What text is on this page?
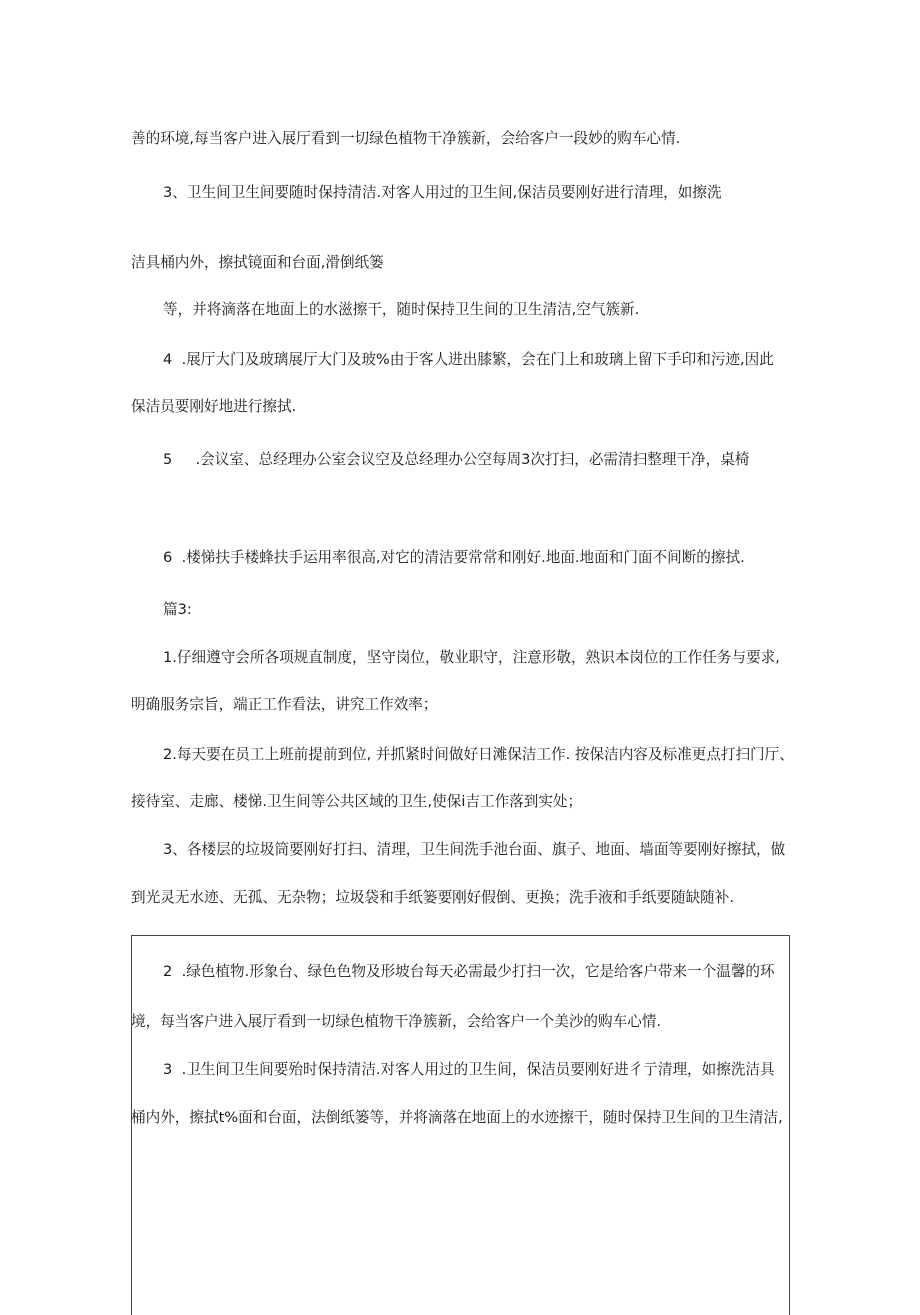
善的环境,每当客户进入展厅看到一切绿色植物干净簇新，会给客户一段妙的购车心情.
3、卫生间卫生间要随时保持清洁.对客人用过的卫生间,保洁员要刚好进行清理，如擦洗
洁具桶内外，擦拭镜面和台面,滑倒纸篓
等，并将滴落在地面上的水滋擦干，随时保持卫生间的卫生清洁,空气簇新.
4  .展厅大门及玻璃展厅大门及玻%由于客人进出膝繁，会在门上和玻璃上留下手印和污迹,因此
保洁员要刚好地进行擦拭.
5     .会议室、总经理办公室会议空及总经理办公空每周3次打扫，必需清扫整理干净，桌椅
6  .楼悌扶手楼蜂扶手运用率很高,对它的清洁要常常和刚好.地面.地面和门面不间断的擦拭.
篇3:
1.仔细遵守会所各项规直制度，坚守岗位，敬业职守，注意形敬，熟识本岗位的工作任务与要求,
明确服务宗旨，端正工作看法，讲究工作效率；
2.每天要在员工上班前提前到位, 并抓紧时间做好日滩保洁工作. 按保洁内容及标准更点打扫门厅、
接待室、走廊、楼悌.卫生间等公共区域的卫生,使保i吉工作落到实处；
3、各楼层的垃圾筒要刚好打扫、清理，卫生间洗手池台面、旗子、地面、墙面等要刚好擦拭，做
到光灵无水迹、无孤、无杂物；垃圾袋和手纸篓要刚好假倒、更换；洗手液和手纸要随缺随补.
2  .绿色植物.形象台、绿色色物及形坡台每天必需最少打扫一次，它是给客户带来一个温馨的环
境，每当客户进入展厅看到一切绿色植物干净簇新，会给客户一个美沙的购车心情.
3  .卫生间卫生间要殆时保持清洁.对客人用过的卫生间，保洁员要刚好进彳亍清理，如擦洗洁具
桶内外，擦拭t%面和台面，法倒纸篓等，并将滴落在地面上的水迹擦干，随时保持卫生间的卫生清洁,
